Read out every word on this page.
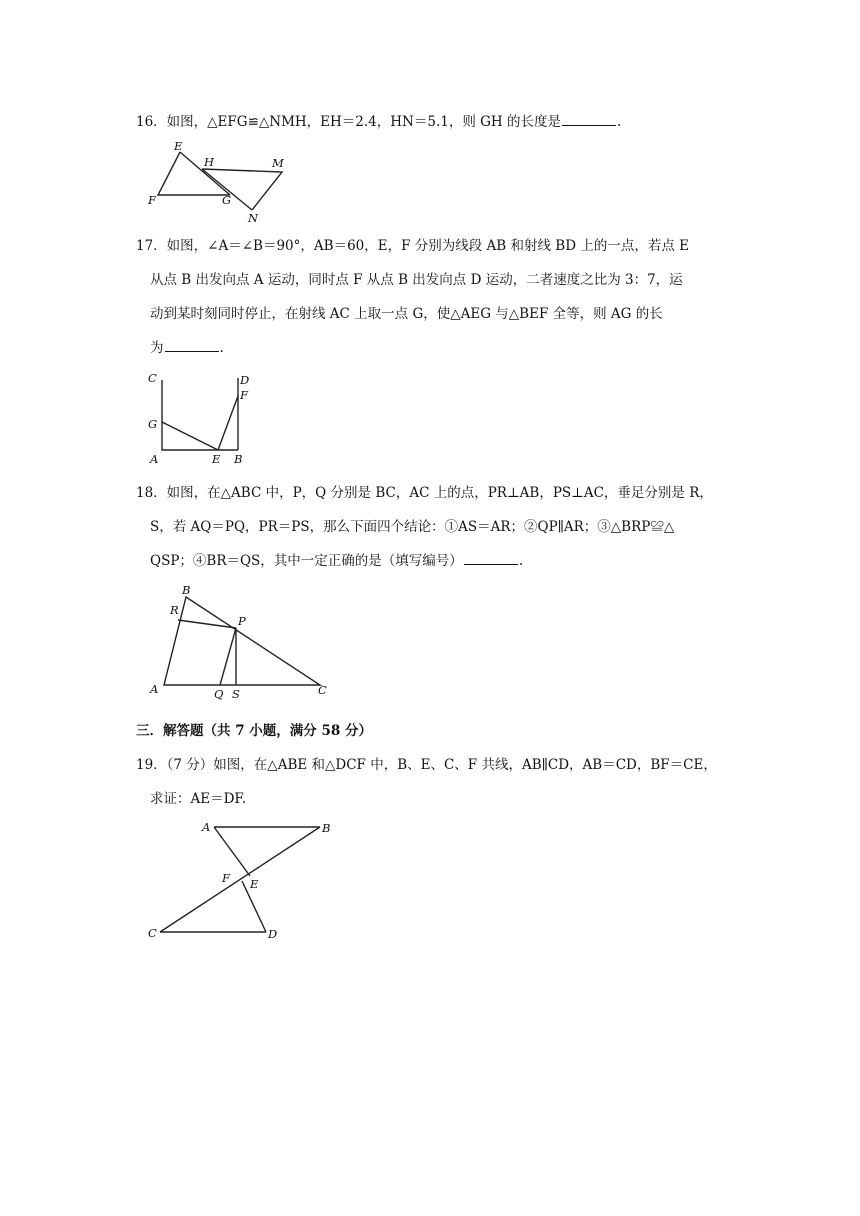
16．如图，△EFG≌△NMH，EH＝2.4，HN＝5.1，则 GH 的长度是	.
E
H	M
F	G
N
17．如图，∠A＝∠B＝90°，AB＝60，E，F 分别为线段 AB 和射线 BD 上的一点，若点 E
从点 B 出发向点 A 运动，同时点 F 从点 B 出发向点 D 运动，二者速度之比为 3：7，运
动到某时刻同时停止，在射线 AC 上取一点 G，使△AEG 与△BEF 全等，则 AG 的长
为	.
C	D
F
G
A	E B
18．如图，在△ABC 中，P，Q 分别是 BC，AC 上的点，PR⊥AB，PS⊥AC，垂足分别是 R，
S，若 AQ＝PQ，PR＝PS，那么下面四个结论：①AS＝AR；②QP∥AR；③△BRP≌△
QSP；④BR＝QS，其中一定正确的是（填写编号）	.
B
R
P
A	Q S	C
三．解答题（共 7 小题，满分 58 分）
19．（7 分）如图，在△ABE 和△DCF 中，B、E、C、F 共线，AB∥CD，AB＝CD，BF＝CE，
求证：AE＝DF.
A	B
F E
C	D
